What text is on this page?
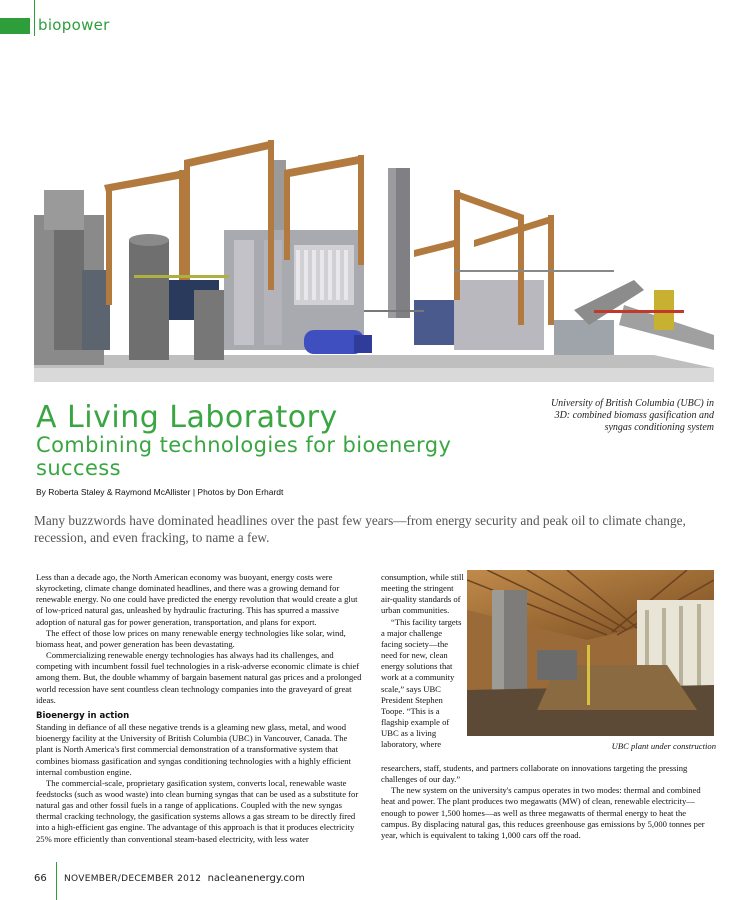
biopower
University of British Columbia (UBC) in 3D: combined biomass gasification and syngas conditioning system
A Living Laboratory
Combining technologies for bioenergy success
By Roberta Staley & Raymond McAllister | Photos by Don Erhardt
Many buzzwords have dominated headlines over the past few years—from energy security and peak oil to climate change, recession, and even fracking, to name a few.

Less than a decade ago, the North American economy was buoyant, energy costs were skyrocketing, climate change dominated headlines, and there was a growing demand for renewable energy. No one could have predicted the energy revolution that would create a glut of low-priced natural gas, unleashed by hydraulic fracturing. This has spurred a massive adoption of natural gas for power generation, transportation, and plans for export.

The effect of those low prices on many renewable energy technologies like solar, wind, biomass heat, and power generation has been devastating.

Commercializing renewable energy technologies has always had its challenges, and competing with incumbent fossil fuel technologies in a risk-adverse economic climate is chief among them. But, the double whammy of bargain basement natural gas prices and a prolonged world recession have sent countless clean technology companies into the graveyard of great ideas.

Bioenergy in action

Standing in defiance of all these negative trends is a gleaming new glass, metal, and wood bioenergy facility at the University of British Columbia (UBC) in Vancouver, Canada. The plant is North America's first commercial demonstration of a transformative system that combines biomass gasification and syngas conditioning technologies with a highly efficient internal combustion engine.

The commercial-scale, proprietary gasification system, converts local, renewable waste feedstocks (such as wood waste) into clean burning syngas that can be used as a substitute for natural gas and other fossil fuels in a range of applications. Coupled with the new syngas thermal cracking technology, the gasification systems allows a gas stream to be directly fired into a high-efficient gas engine. The advantage of this approach is that it produces electricity 25% more efficiently than conventional steam-based electricity, with less water

consumption, while still meeting the stringent air-quality standards of urban communities.

“This facility targets a major challenge facing society—the need for new, clean energy solutions that work at a community scale,” says UBC President Stephen Toope. “This is a flagship example of UBC as a living laboratory, where

researchers, staff, students, and partners collaborate on innovations targeting the pressing challenges of our day.”

The new system on the university's campus operates in two modes: thermal and combined heat and power. The plant produces two megawatts (MW) of clean, renewable electricity—enough to power 1,500 homes—as well as three megawatts of thermal energy to heat the campus. By displacing natural gas, this reduces greenhouse gas emissions by 5,000 tonnes per year, which is equivalent to taking 1,000 cars off the road.

UBC plant under construction
66 NOVEMBER/DECEMBER 2012 nacleanenergy.com
